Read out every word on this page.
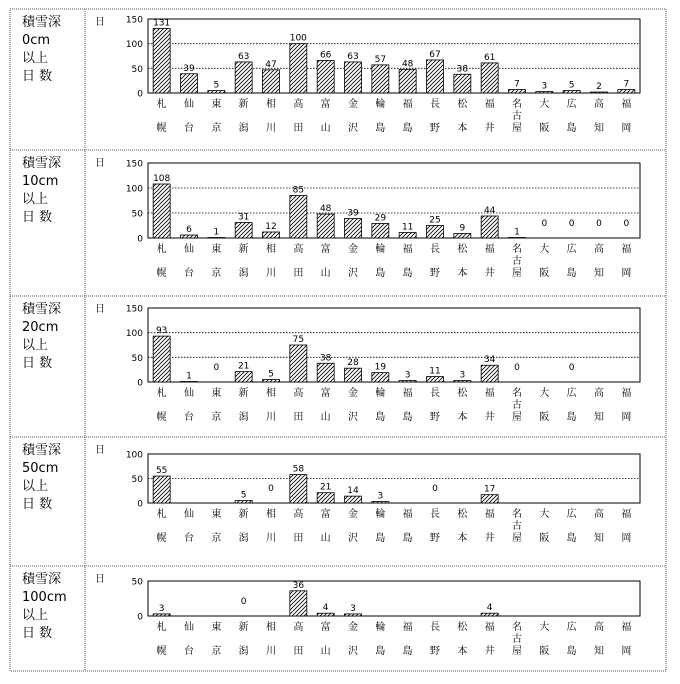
積雪深
0cm
以上
日 数
日
0
50
100
150 131
39
5
63
47
100
66 63 57 48
67
38
61
7 3 5 2 7
札
幌
仙
台
東
京
新
潟
相
川
高
田
富
山
金
沢
輪
島
福
島
長
野
松
本
福
井
名
古
屋
大
阪
広
島
高
知
福
岡
積雪深
10cm
以上
日 数
日
0
50
100
150
108
6 1
31
12
85
48 39 29
11
25
9
44
1
0 0 0 0
札
幌
仙
台
東
京
新
潟
相
川
高
田
富
山
金
沢
輪
島
福
島
長
野
松
本
福
井
名
古
屋
大
阪
広
島
高
知
福
岡
積雪深
20cm
以上
日 数
日
0
50
100
150
93
1
0 21
5
75
38 28 19
3 11 3
34
0	0
札
幌
仙
台
東
京
新
潟
相
川
高
田
富
山
金
沢
輪
島
福
島
長
野
松
本
福
井
名
古
屋
大
阪
広
島
高
知
福
岡
積雪深
50cm
以上
日 数
日
0
50
100
55
5
0
58
21 14
3
0	17
札
幌
仙
台
東
京
新
潟
相
川
高
田
富
山
金
沢
輪
島
福
島
長
野
松
本
福
井
名
古
屋
大
阪
広
島
高
知
福
岡
積雪深
100cm
以上
日 数
日
0
50
3
0
36
4 3	4
札
幌
仙
台
東
京
新
潟
相
川
高
田
富
山
金
沢
輪
島
福
島
長
野
松
本
福
井
名
古
屋
大
阪
広
島
高
知
福
岡
